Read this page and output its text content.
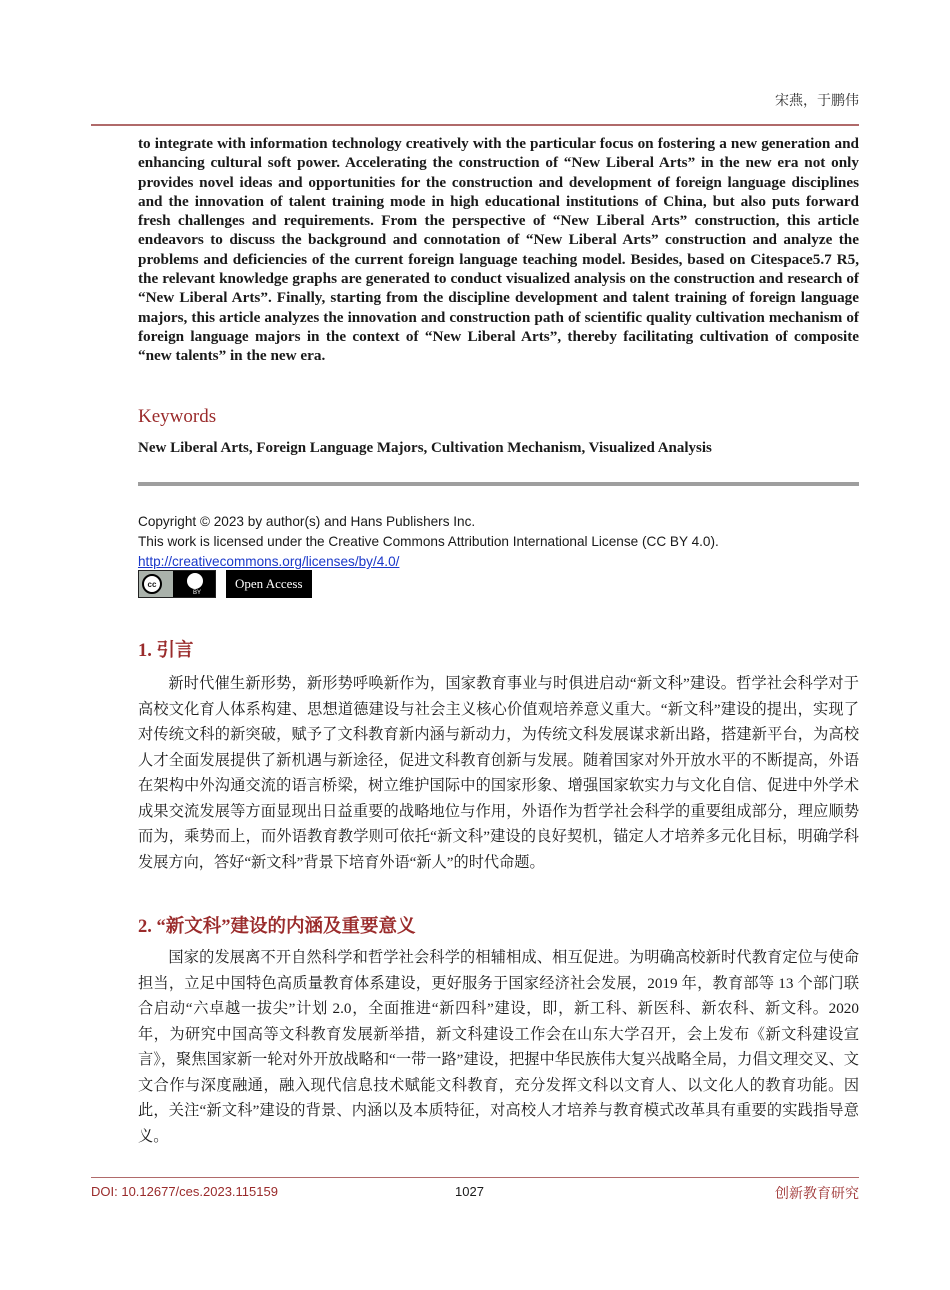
宋燕，于鹏伟
to integrate with information technology creatively with the particular focus on fostering a new generation and enhancing cultural soft power. Accelerating the construction of “New Liberal Arts” in the new era not only provides novel ideas and opportunities for the construction and development of foreign language disciplines and the innovation of talent training mode in high educational institutions of China, but also puts forward fresh challenges and requirements. From the perspective of “New Liberal Arts” construction, this article endeavors to discuss the background and connotation of “New Liberal Arts” construction and analyze the problems and deficiencies of the current foreign language teaching model. Besides, based on Citespace5.7 R5, the relevant knowledge graphs are generated to conduct visualized analysis on the construction and research of “New Liberal Arts”. Finally, starting from the discipline development and talent training of foreign language majors, this article analyzes the innovation and construction path of scientific quality cultivation mechanism of foreign language majors in the context of “New Liberal Arts”, thereby facilitating cultivation of composite “new talents” in the new era.
Keywords
New Liberal Arts, Foreign Language Majors, Cultivation Mechanism, Visualized Analysis
Copyright © 2023 by author(s) and Hans Publishers Inc.
This work is licensed under the Creative Commons Attribution International License (CC BY 4.0).
http://creativecommons.org/licenses/by/4.0/
cc
BY
Open Access
1. 引言

新时代催生新形势，新形势呼唤新作为，国家教育事业与时俱进启动“新文科”建设。哲学社会科学对于高校文化育人体系构建、思想道德建设与社会主义核心价值观培养意义重大。“新文科”建设的提出，实现了对传统文科的新突破，赋予了文科教育新内涵与新动力，为传统文科发展谋求新出路，搭建新平台，为高校人才全面发展提供了新机遇与新途径，促进文科教育创新与发展。随着国家对外开放水平的不断提高，外语在架构中外沟通交流的语言桥梁，树立维护国际中的国家形象、增强国家软实力与文化自信、促进中外学术成果交流发展等方面显现出日益重要的战略地位与作用，外语作为哲学社会科学的重要组成部分，理应顺势而为，乘势而上，而外语教育教学则可依托“新文科”建设的良好契机，锚定人才培养多元化目标，明确学科发展方向，答好“新文科”背景下培育外语“新人”的时代命题。

2. “新文科”建设的内涵及重要意义

国家的发展离不开自然科学和哲学社会科学的相辅相成、相互促进。为明确高校新时代教育定位与使命担当，立足中国特色高质量教育体系建设，更好服务于国家经济社会发展，2019 年，教育部等 13 个部门联合启动“六卓越一拔尖”计划 2.0，全面推进“新四科”建设，即，新工科、新医科、新农科、新文科。2020 年，为研究中国高等文科教育发展新举措，新文科建设工作会在山东大学召开，会上发布《新文科建设宣言》，聚焦国家新一轮对外开放战略和“一带一路”建设，把握中华民族伟大复兴战略全局，力倡文理交叉、文文合作与深度融通，融入现代信息技术赋能文科教育，充分发挥文科以文育人、以文化人的教育功能。因此，关注“新文科”建设的背景、内涵以及本质特征，对高校人才培养与教育模式改革具有重要的实践指导意义。

DOI: 10.12677/ces.2023.115159	1027	创新教育研究
